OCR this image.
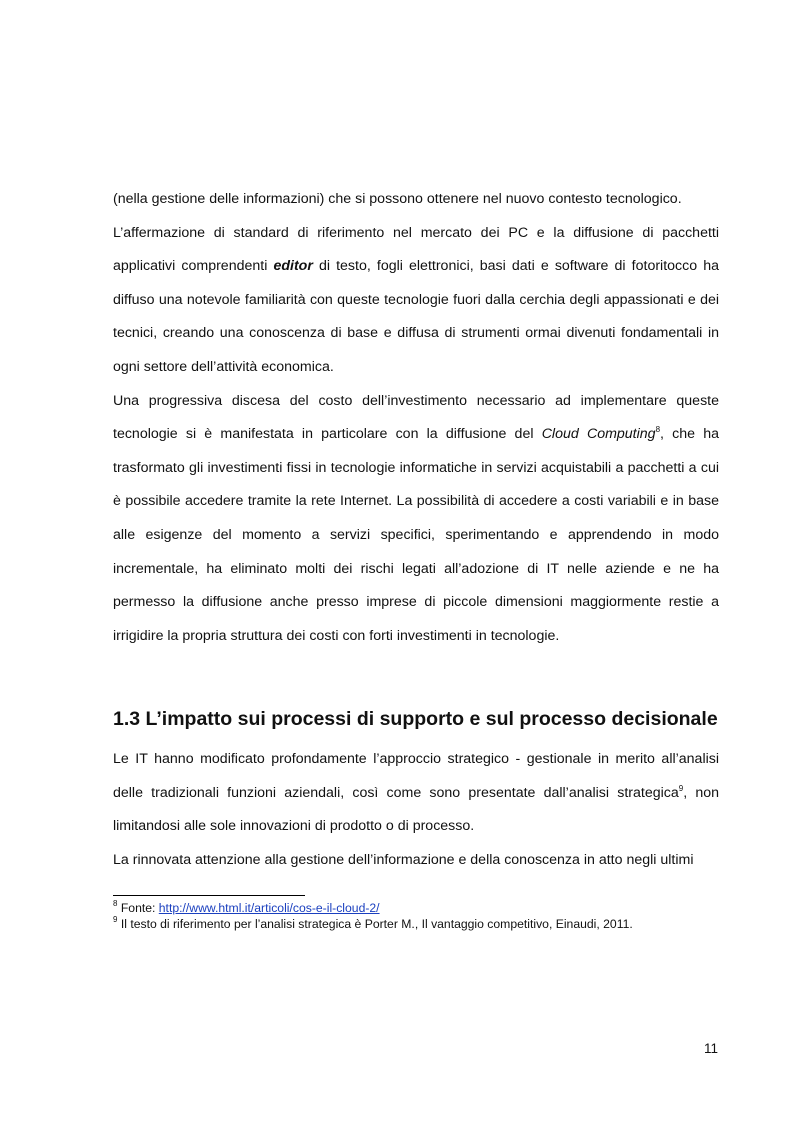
(nella gestione delle informazioni) che si possono ottenere nel nuovo contesto tecnologico.

L’affermazione di standard di riferimento nel mercato dei PC e la diffusione di pacchetti applicativi comprendenti editor di testo, fogli elettronici, basi dati e software di fotoritocco ha diffuso una notevole familiarità con queste tecnologie fuori dalla cerchia degli appassionati e dei tecnici, creando una conoscenza di base e diffusa di strumenti ormai divenuti fondamentali in ogni settore dell’attività economica.

Una progressiva discesa del costo dell’investimento necessario ad implementare queste tecnologie si è manifestata in particolare con la diffusione del Cloud Computing$^8$, che ha trasformato gli investimenti fissi in tecnologie informatiche in servizi acquistabili a pacchetti a cui è possibile accedere tramite la rete Internet. La possibilità di accedere a costi variabili e in base alle esigenze del momento a servizi specifici, sperimentando e apprendendo in modo incrementale, ha eliminato molti dei rischi legati all’adozione di IT nelle aziende e ne ha permesso la diffusione anche presso imprese di piccole dimensioni maggiormente restie a irrigidire la propria struttura dei costi con forti investimenti in tecnologie.

1.3 L’impatto sui processi di supporto e sul processo decisionale

Le IT hanno modificato profondamente l’approccio strategico - gestionale in merito all’analisi delle tradizionali funzioni aziendali, così come sono presentate dall’analisi strategica$^9$, non limitandosi alle sole innovazioni di prodotto o di processo.

La rinnovata attenzione alla gestione dell’informazione e della conoscenza in atto negli ultimi

$^8$ Fonte: http://www.html.it/articoli/cos-e-il-cloud-2/

$^9$ Il testo di riferimento per l’analisi strategica è Porter M., Il vantaggio competitivo, Einaudi, 2011.

11
